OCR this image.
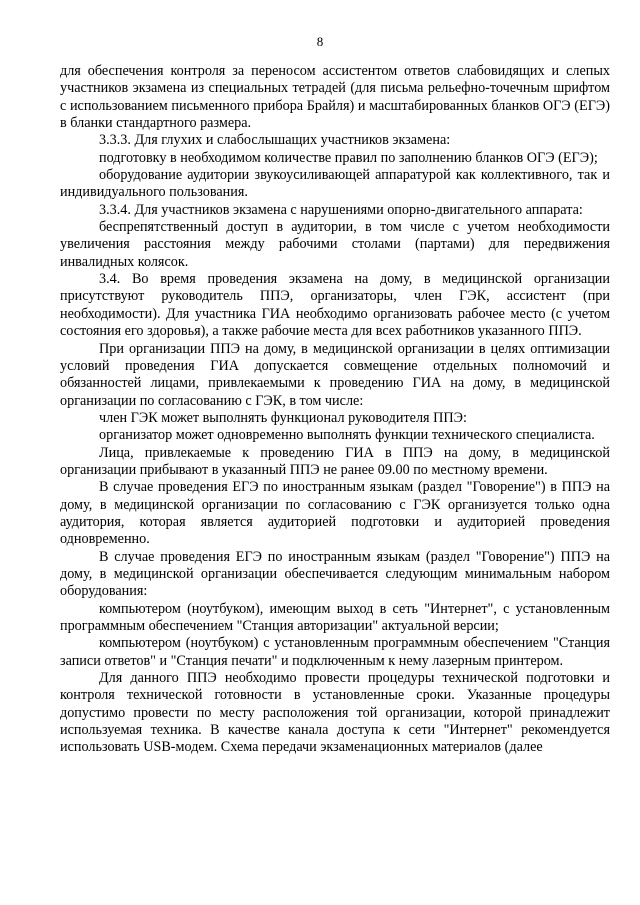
8

для обеспечения контроля за переносом ассистентом ответов слабовидящих и слепых участников экзамена из специальных тетрадей (для письма рельефно-точечным шрифтом с использованием письменного прибора Брайля) и масштабированных бланков ОГЭ (ЕГЭ) в бланки стандартного размера.

3.3.3. Для глухих и слабослышащих участников экзамена:

подготовку в необходимом количестве правил по заполнению бланков ОГЭ (ЕГЭ);

оборудование аудитории звукоусиливающей аппаратурой как коллективного, так и индивидуального пользования.

3.3.4. Для участников экзамена с нарушениями опорно-двигательного аппарата:

беспрепятственный доступ в аудитории, в том числе с учетом необходимости увеличения расстояния между рабочими столами (партами) для передвижения инвалидных колясок.

3.4. Во время проведения экзамена на дому, в медицинской организации присутствуют руководитель ППЭ, организаторы, член ГЭК, ассистент (при необходимости). Для участника ГИА необходимо организовать рабочее место (с учетом состояния его здоровья), а также рабочие места для всех работников указанного ППЭ.

При организации ППЭ на дому, в медицинской организации в целях оптимизации условий проведения ГИА допускается совмещение отдельных полномочий и обязанностей лицами, привлекаемыми к проведению ГИА на дому, в медицинской организации по согласованию с ГЭК, в том числе:

член ГЭК может выполнять функционал руководителя ППЭ:

организатор может одновременно выполнять функции технического специалиста.

Лица, привлекаемые к проведению ГИА в ППЭ на дому, в медицинской организации прибывают в указанный ППЭ не ранее 09.00 по местному времени.

В случае проведения ЕГЭ по иностранным языкам (раздел "Говорение") в ППЭ на дому, в медицинской организации по согласованию с ГЭК организуется только одна аудитория, которая является аудиторией подготовки и аудиторией проведения одновременно.

В случае проведения ЕГЭ по иностранным языкам (раздел "Говорение") ППЭ на дому, в медицинской организации обеспечивается следующим минимальным набором оборудования:

компьютером (ноутбуком), имеющим выход в сеть "Интернет", с установленным программным обеспечением "Станция авторизации" актуальной версии;

компьютером (ноутбуком) с установленным программным обеспечением "Станция записи ответов" и "Станция печати" и подключенным к нему лазерным принтером.

Для данного ППЭ необходимо провести процедуры технической подготовки и контроля технической готовности в установленные сроки. Указанные процедуры допустимо провести по месту расположения той организации, которой принадлежит используемая техника. В качестве канала доступа к сети "Интернет" рекомендуется использовать USB-модем. Схема передачи экзаменационных материалов (далее
